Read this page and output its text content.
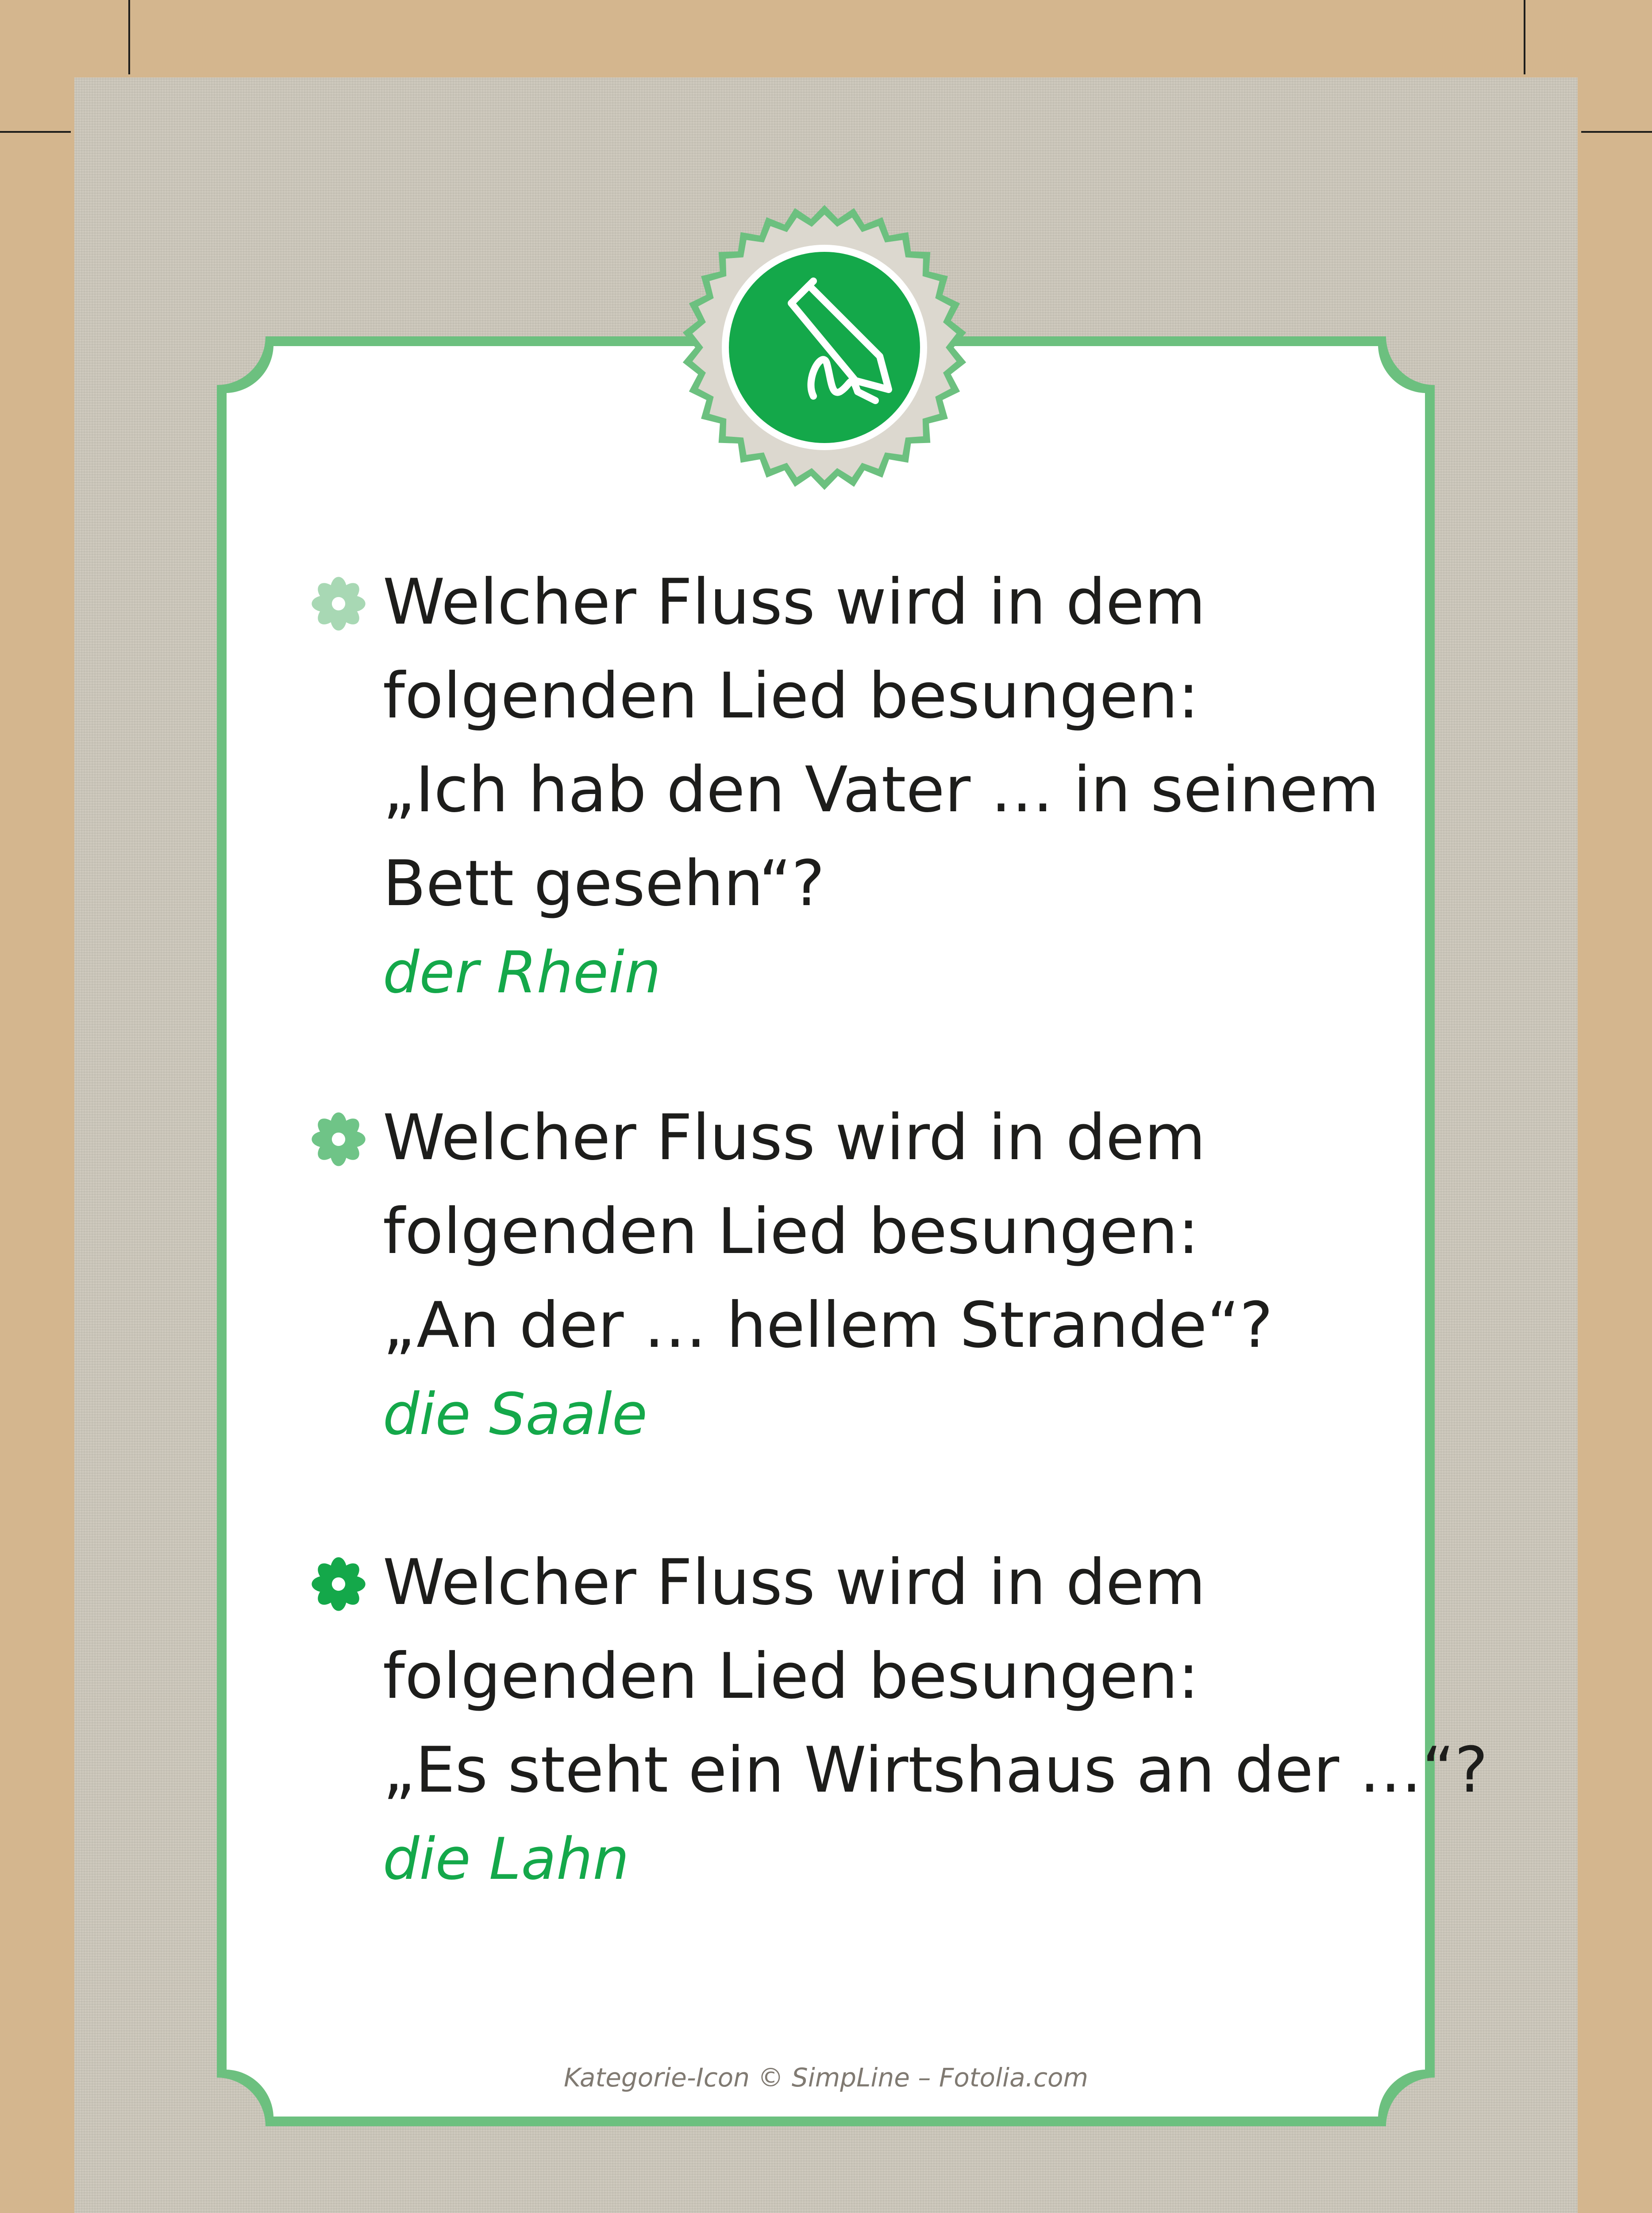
Welcher Fluss wird in dem
folgenden Lied besungen:
„Ich hab den Vater … in seinem
Bett gesehn“?
der Rhein
Welcher Fluss wird in dem
folgenden Lied besungen:
„An der … hellem Strande“?
die Saale
Welcher Fluss wird in dem
folgenden Lied besungen:
„Es steht ein Wirtshaus an der …“?
die Lahn
Kategorie-Icon © SimpLine – Fotolia.com
